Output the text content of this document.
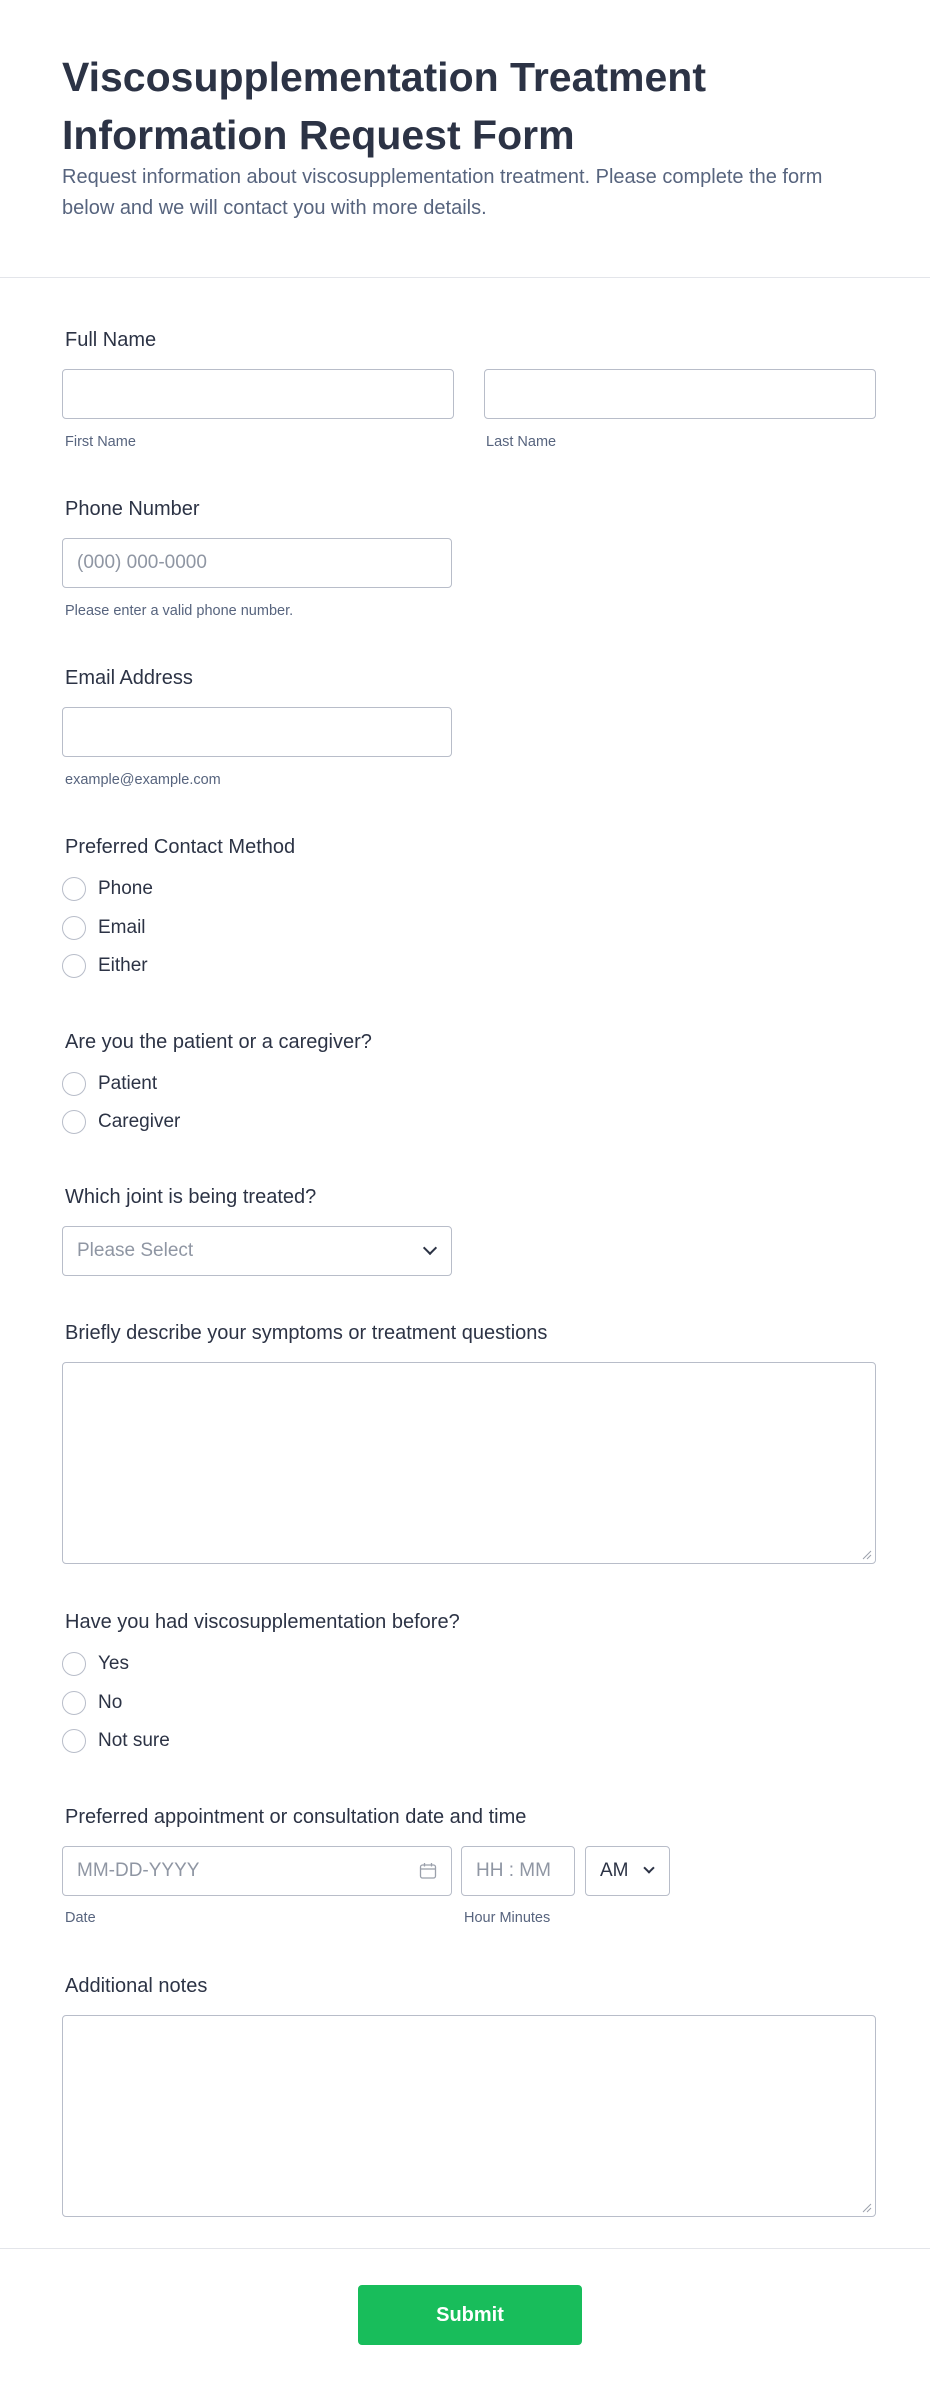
Viscosupplementation Treatment Information Request Form

Request information about viscosupplementation treatment. Please complete the form below and we will contact you with more details.

Full Name
First Name	Last Name
Phone Number
(000) 000-0000
Please enter a valid phone number.
Email Address
example@example.com
Preferred Contact Method
Phone
Email
Either
Are you the patient or a caregiver?
Patient
Caregiver
Which joint is being treated?
Please Select
Briefly describe your symptoms or treatment questions
Have you had viscosupplementation before?
Yes
No
Not sure
Preferred appointment or consultation date and time
MM-DD-YYYY	HH : MM	AM
Date	Hour Minutes
Additional notes
Submit
